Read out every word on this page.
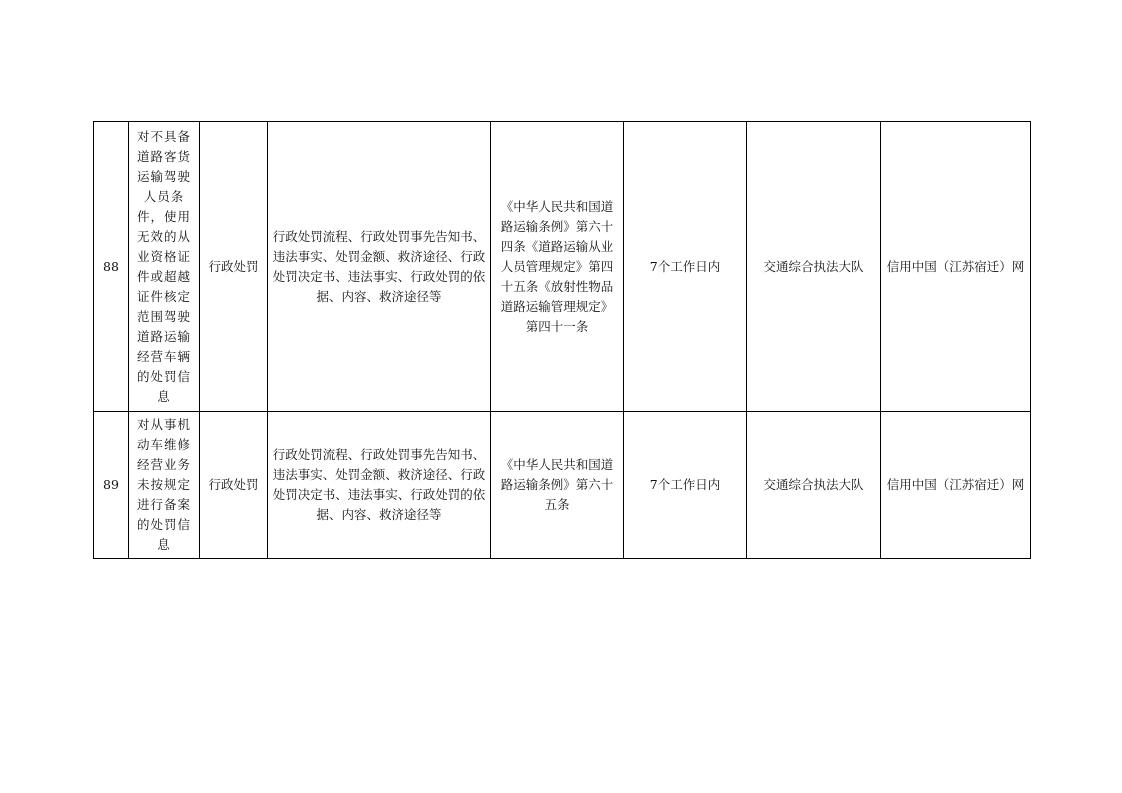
88	对不具备道路客货运输驾驶人员条件，使用无效的从业资格证件或超越证件核定范围驾驶道路运输经营车辆的处罚信息	行政处罚	行政处罚流程、行政处罚事先告知书、违法事实、处罚金额、救济途径、行政处罚决定书、违法事实、行政处罚的依据、内容、救济途径等	《中华人民共和国道路运输条例》第六十四条《道路运输从业人员管理规定》第四十五条《放射性物品道路运输管理规定》第四十一条	7个工作日内	交通综合执法大队	信用中国（江苏宿迁）网

89	对从事机动车维修经营业务未按规定进行备案的处罚信息	行政处罚	行政处罚流程、行政处罚事先告知书、违法事实、处罚金额、救济途径、行政处罚决定书、违法事实、行政处罚的依据、内容、救济途径等	《中华人民共和国道路运输条例》第六十五条	7个工作日内	交通综合执法大队	信用中国（江苏宿迁）网
